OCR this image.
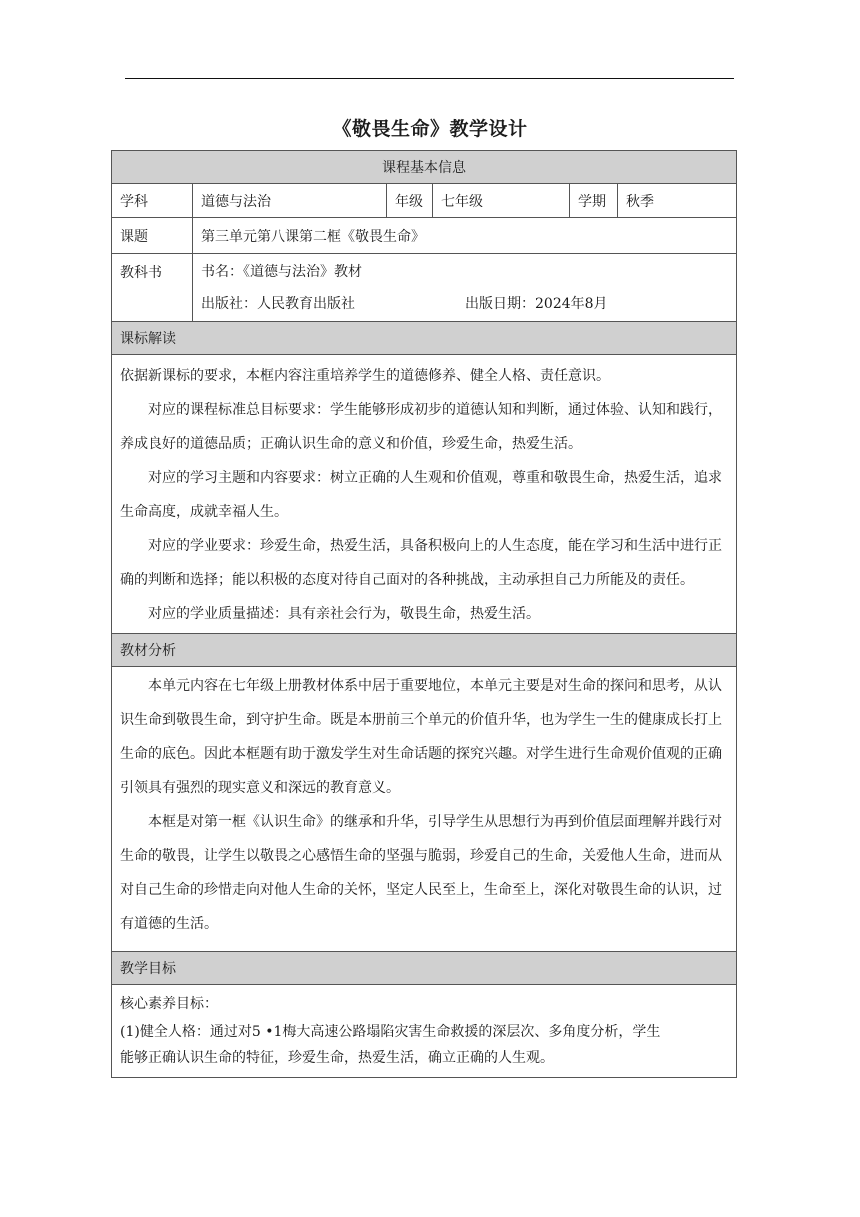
《敬畏生命》教学设计
课程基本信息					
学科	道德与法治	年级	七年级	学期	秋季
课题	第三单元第八课第二框《敬畏生命》				
教科书	书名：《道德与法治》教材
出版社：人民教育出版社 出版日期：2024年8月				

课标解读					

依据新课标的要求，本框内容注重培养学生的道德修养、健全人格、责任意识。

对应的课程标准总目标要求：学生能够形成初步的道德认知和判断，通过体验、认知和践行，养成良好的道德品质；正确认识生命的意义和价值，珍爱生命，热爱生活。

对应的学习主题和内容要求：树立正确的人生观和价值观，尊重和敬畏生命，热爱生活，追求生命高度，成就幸福人生。

对应的学业要求：珍爱生命，热爱生活，具备积极向上的人生态度，能在学习和生活中进行正确的判断和选择；能以积极的态度对待自己面对的各种挑战，主动承担自己力所能及的责任。

对应的学业质量描述：具有亲社会行为，敬畏生命，热爱生活。					

教材分析					

本单元内容在七年级上册教材体系中居于重要地位，本单元主要是对生命的探问和思考，从认识生命到敬畏生命，到守护生命。既是本册前三个单元的价值升华，也为学生一生的健康成长打上生命的底色。因此本框题有助于激发学生对生命话题的探究兴趣。对学生进行生命观价值观的正确引领具有强烈的现实意义和深远的教育意义。

本框是对第一框《认识生命》的继承和升华，引导学生从思想行为再到价值层面理解并践行对生命的敬畏，让学生以敬畏之心感悟生命的坚强与脆弱，珍爱自己的生命，关爱他人生命，进而从对自己生命的珍惜走向对他人生命的关怀，坚定人民至上，生命至上，深化对敬畏生命的认识，过有道德的生活。					

教学目标					

核心素养目标：

(1)健全人格：通过对5 •1梅大高速公路塌陷灾害生命救援的深层次、多角度分析，学生

能够正确认识生命的特征，珍爱生命，热爱生活，确立正确的人生观。					
